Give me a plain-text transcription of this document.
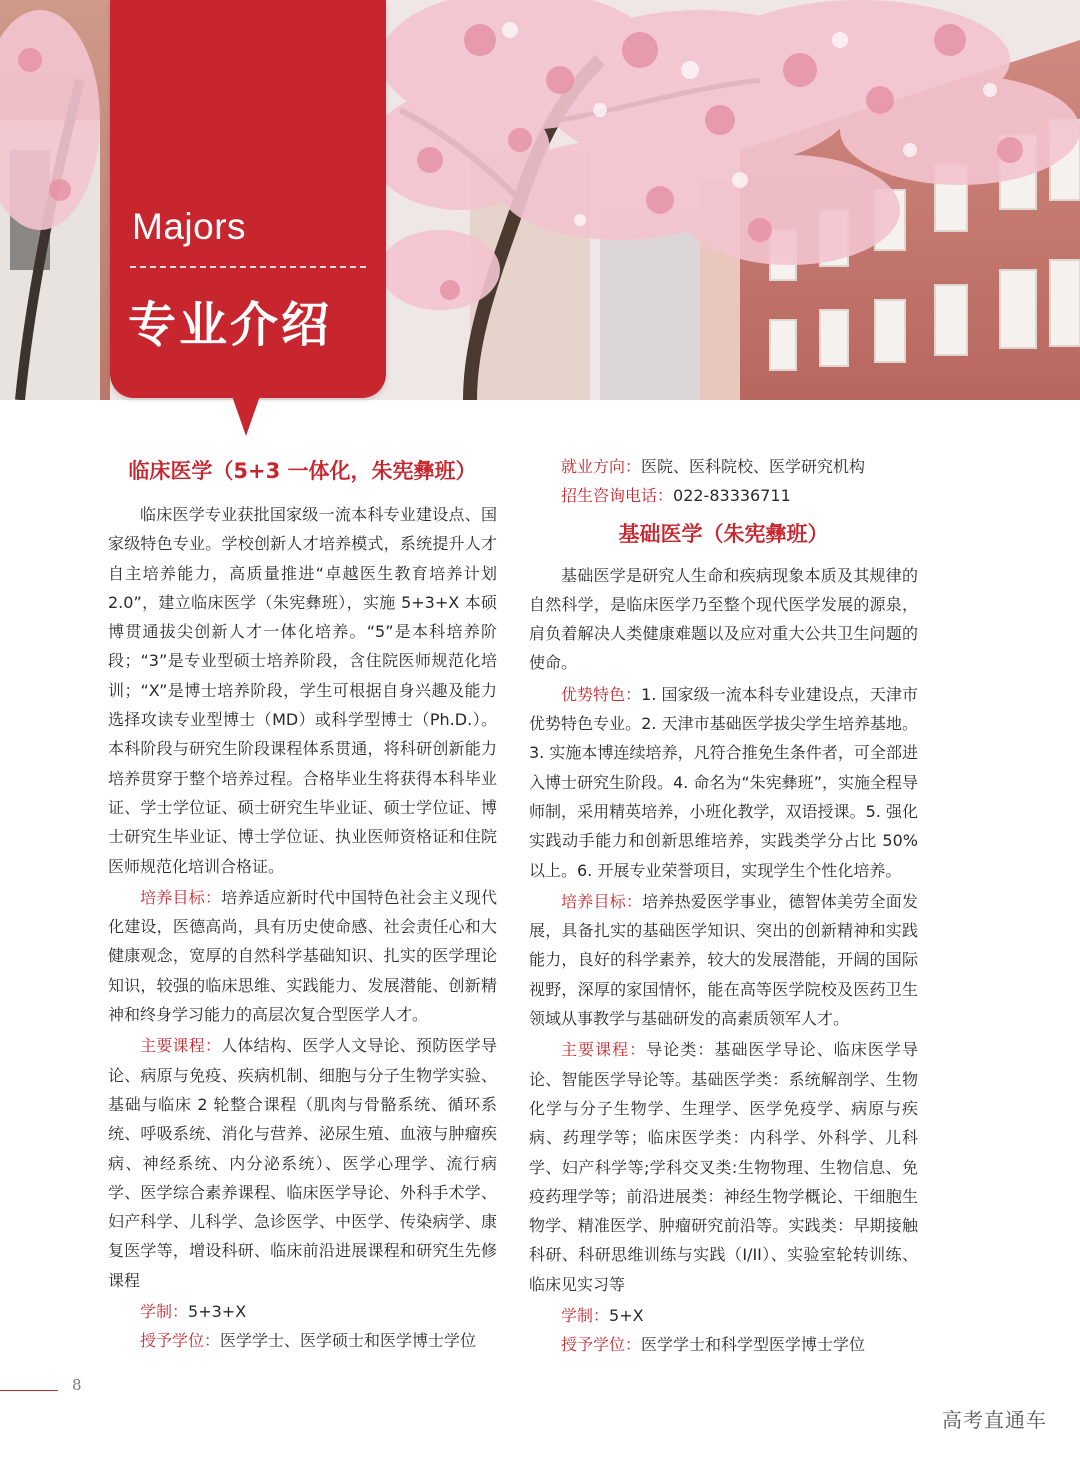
Majors
专业介绍
临床医学（5+3 一体化，朱宪彝班）

临床医学专业获批国家级一流本科专业建设点、国家级特色专业。学校创新人才培养模式，系统提升人才自主培养能力，高质量推进“卓越医生教育培养计划 2.0”，建立临床医学（朱宪彝班），实施 5+3+X 本硕博贯通拔尖创新人才一体化培养。“5”是本科培养阶段；“3”是专业型硕士培养阶段，含住院医师规范化培训；“X”是博士培养阶段，学生可根据自身兴趣及能力选择攻读专业型博士（MD）或科学型博士（Ph.D.）。本科阶段与研究生阶段课程体系贯通，将科研创新能力培养贯穿于整个培养过程。合格毕业生将获得本科毕业证、学士学位证、硕士研究生毕业证、硕士学位证、博士研究生毕业证、博士学位证、执业医师资格证和住院医师规范化培训合格证。

培养目标：培养适应新时代中国特色社会主义现代化建设，医德高尚，具有历史使命感、社会责任心和大健康观念，宽厚的自然科学基础知识、扎实的医学理论知识，较强的临床思维、实践能力、发展潜能、创新精神和终身学习能力的高层次复合型医学人才。

主要课程：人体结构、医学人文导论、预防医学导论、病原与免疫、疾病机制、细胞与分子生物学实验、基础与临床 2 轮整合课程（肌肉与骨骼系统、循环系统、呼吸系统、消化与营养、泌尿生殖、血液与肿瘤疾病、神经系统、内分泌系统）、医学心理学、流行病学、医学综合素养课程、临床医学导论、外科手术学、妇产科学、儿科学、急诊医学、中医学、传染病学、康复医学等，增设科研、临床前沿进展课程和研究生先修课程

学制：5+3+X

授予学位：医学学士、医学硕士和医学博士学位

就业方向：医院、医科院校、医学研究机构

招生咨询电话：022-83336711

基础医学（朱宪彝班）

基础医学是研究人生命和疾病现象本质及其规律的自然科学，是临床医学乃至整个现代医学发展的源泉，肩负着解决人类健康难题以及应对重大公共卫生问题的使命。

优势特色：1. 国家级一流本科专业建设点，天津市优势特色专业。2. 天津市基础医学拔尖学生培养基地。3. 实施本博连续培养，凡符合推免生条件者，可全部进入博士研究生阶段。4. 命名为“朱宪彝班”，实施全程导师制，采用精英培养，小班化教学，双语授课。5. 强化实践动手能力和创新思维培养，实践类学分占比 50% 以上。6. 开展专业荣誉项目，实现学生个性化培养。

培养目标：培养热爱医学事业，德智体美劳全面发展，具备扎实的基础医学知识、突出的创新精神和实践能力，良好的科学素养，较大的发展潜能，开阔的国际视野，深厚的家国情怀，能在高等医学院校及医药卫生领域从事教学与基础研发的高素质领军人才。

主要课程：导论类：基础医学导论、临床医学导论、智能医学导论等。基础医学类：系统解剖学、生物化学与分子生物学、生理学、医学免疫学、病原与疾病、药理学等；临床医学类：内科学、外科学、儿科学、妇产科学等;学科交叉类:生物物理、生物信息、免疫药理学等；前沿进展类：神经生物学概论、干细胞生物学、精准医学、肿瘤研究前沿等。实践类：早期接触科研、科研思维训练与实践（I/II）、实验室轮转训练、临床见实习等

学制：5+X

授予学位：医学学士和科学型医学博士学位

8
高考直通车
